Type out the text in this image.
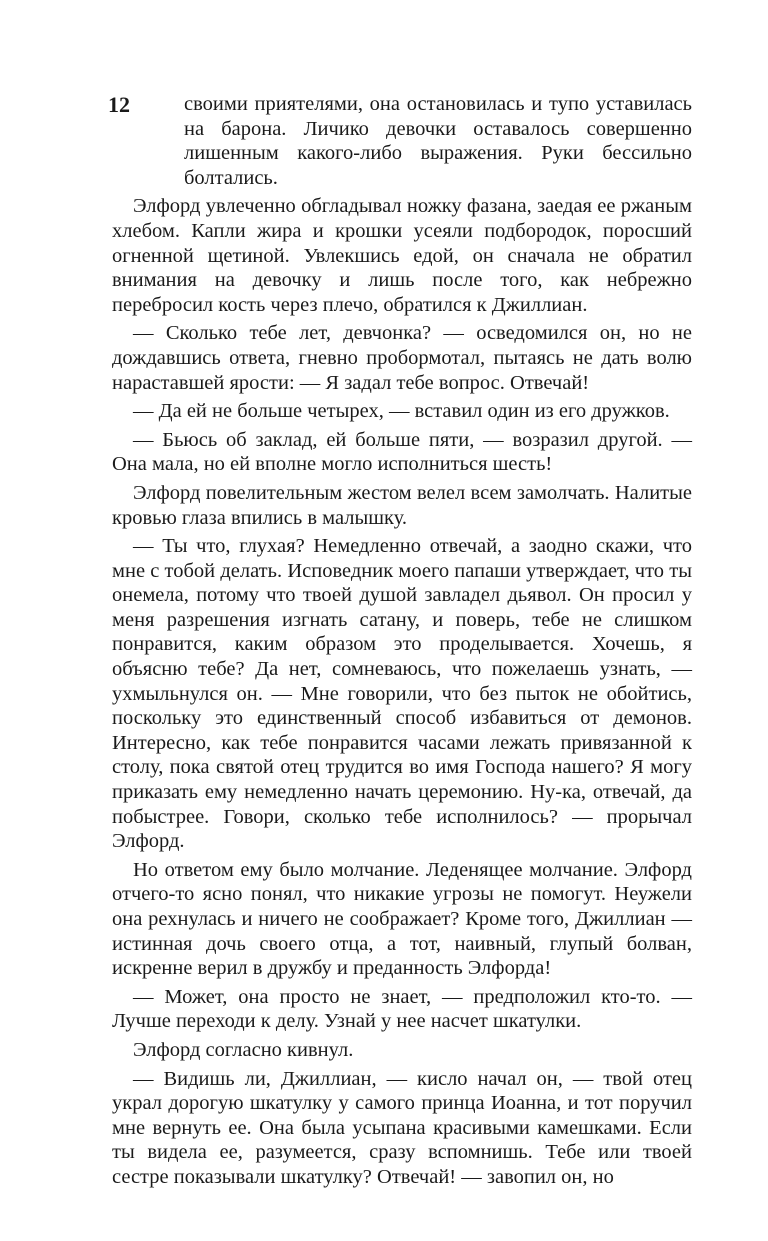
12	своими приятелями, она остановилась и тупо уставилась на барона. Личико девочки оставалось совершенно лишенным какого-либо выражения. Руки бессильно болтались.

Элфорд увлеченно обгладывал ножку фазана, заедая ее ржаным хлебом. Капли жира и крошки усеяли подбородок, поросший огненной щетиной. Увлекшись едой, он сначала не обратил внимания на девочку и лишь после того, как небрежно перебросил кость через плечо, обратился к Джиллиан.

— Сколько тебе лет, девчонка? — осведомился он, но не дождавшись ответа, гневно пробормотал, пытаясь не дать волю нараставшей ярости: — Я задал тебе вопрос. Отвечай!

— Да ей не больше четырех, — вставил один из его дружков.

— Бьюсь об заклад, ей больше пяти, — возразил другой. — Она мала, но ей вполне могло исполниться шесть!

Элфорд повелительным жестом велел всем замолчать. Налитые кровью глаза впились в малышку.

— Ты что, глухая? Немедленно отвечай, а заодно скажи, что мне с тобой делать. Исповедник моего папаши утверждает, что ты онемела, потому что твоей душой завладел дьявол. Он просил у меня разрешения изгнать сатану, и поверь, тебе не слишком понравится, каким образом это проделывается. Хочешь, я объясню тебе? Да нет, сомневаюсь, что пожелаешь узнать, — ухмыльнулся он. — Мне говорили, что без пыток не обойтись, поскольку это единственный способ избавиться от демонов. Интересно, как тебе понравится часами лежать привязанной к столу, пока святой отец трудится во имя Господа нашего? Я могу приказать ему немедленно начать церемонию. Ну-ка, отвечай, да побыстрее. Говори, сколько тебе исполнилось? — прорычал Элфорд.

Но ответом ему было молчание. Леденящее молчание. Элфорд отчего-то ясно понял, что никакие угрозы не помогут. Неужели она рехнулась и ничего не соображает? Кроме того, Джиллиан — истинная дочь своего отца, а тот, наивный, глупый болван, искренне верил в дружбу и преданность Элфорда!

— Может, она просто не знает, — предположил кто-то. — Лучше переходи к делу. Узнай у нее насчет шкатулки.

Элфорд согласно кивнул.

— Видишь ли, Джиллиан, — кисло начал он, — твой отец украл дорогую шкатулку у самого принца Иоанна, и тот поручил мне вернуть ее. Она была усыпана красивыми камешками. Если ты видела ее, разумеется, сразу вспомнишь. Тебе или твоей сестре показывали шкатулку? Отвечай! — завопил он, но
